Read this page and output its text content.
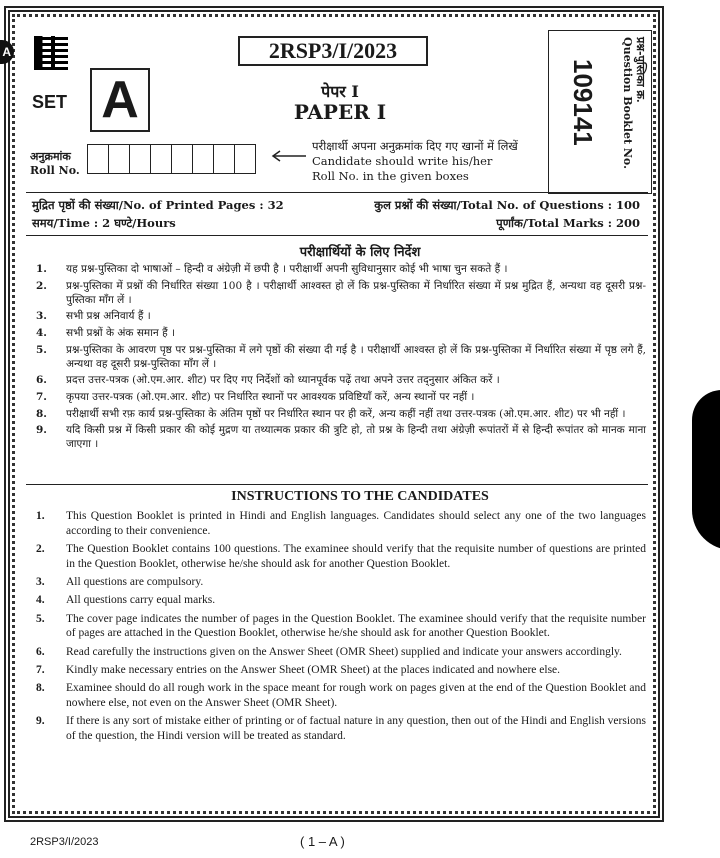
A	2RSP3/I/2023
SET A	पेपर I
PAPER I
प्रश्न-पुस्तिका क्र.
Question Booklet No.
109141
अनुक्रमांक
Roll No.
परीक्षार्थी अपना अनुक्रमांक दिए गए खानों में लिखें
Candidate should write his/her
Roll No. in the given boxes
मुद्रित पृष्ठों की संख्या/No. of Printed Pages : 32	कुल प्रश्नों की संख्या/Total No. of Questions : 100
समय/Time : 2 घण्टे/Hours	पूर्णांक/Total Marks : 200
परीक्षार्थियों के लिए निर्देश
1.	यह प्रश्न-पुस्तिका दो भाषाओं – हिन्दी व अंग्रेज़ी में छपी है । परीक्षार्थी अपनी सुविधानुसार कोई भी भाषा चुन सकते हैं ।
2.	प्रश्न-पुस्तिका में प्रश्नों की निर्धारित संख्या 100 है । परीक्षार्थी आश्वस्त हो लें कि प्रश्न-पुस्तिका में निर्धारित संख्या में प्रश्न मुद्रित हैं, अन्यथा वह दूसरी प्रश्न-पुस्तिका माँग लें ।
3.	सभी प्रश्न अनिवार्य हैं ।
4.	सभी प्रश्नों के अंक समान हैं ।
5.	प्रश्न-पुस्तिका के आवरण पृष्ठ पर प्रश्न-पुस्तिका में लगे पृष्ठों की संख्या दी गई है । परीक्षार्थी आश्वस्त हो लें कि प्रश्न-पुस्तिका में निर्धारित संख्या में पृष्ठ लगे हैं, अन्यथा वह दूसरी प्रश्न-पुस्तिका माँग लें ।
6.	प्रदत्त उत्तर-पत्रक (ओ.एम.आर. शीट) पर दिए गए निर्देशों को ध्यानपूर्वक पढ़ें तथा अपने उत्तर तद्नुसार अंकित करें ।
7.	कृपया उत्तर-पत्रक (ओ.एम.आर. शीट) पर निर्धारित स्थानों पर आवश्यक प्रविष्टियाँ करें, अन्य स्थानों पर नहीं ।
8.	परीक्षार्थी सभी रफ़ कार्य प्रश्न-पुस्तिका के अंतिम पृष्ठों पर निर्धारित स्थान पर ही करें, अन्य कहीं नहीं तथा उत्तर-पत्रक (ओ.एम.आर. शीट) पर भी नहीं ।
9.	यदि किसी प्रश्न में किसी प्रकार की कोई मुद्रण या तथ्यात्मक प्रकार की त्रुटि हो, तो प्रश्न के हिन्दी तथा अंग्रेज़ी रूपांतरों में से हिन्दी रूपांतर को मानक माना जाएगा ।
INSTRUCTIONS TO THE CANDIDATES
1.	This Question Booklet is printed in Hindi and English languages. Candidates should select any one of the two languages according to their convenience.
2.	The Question Booklet contains 100 questions. The examinee should verify that the requisite number of questions are printed in the Question Booklet, otherwise he/she should ask for another Question Booklet.
3.	All questions are compulsory.
4.	All questions carry equal marks.
5.	The cover page indicates the number of pages in the Question Booklet. The examinee should verify that the requisite number of pages are attached in the Question Booklet, otherwise he/she should ask for another Question Booklet.
6.	Read carefully the instructions given on the Answer Sheet (OMR Sheet) supplied and indicate your answers accordingly.
7.	Kindly make necessary entries on the Answer Sheet (OMR Sheet) at the places indicated and nowhere else.
8.	Examinee should do all rough work in the space meant for rough work on pages given at the end of the Question Booklet and nowhere else, not even on the Answer Sheet (OMR Sheet).
9.	If there is any sort of mistake either of printing or of factual nature in any question, then out of the Hindi and English versions of the question, the Hindi version will be treated as standard.
2RSP3/I/2023	( 1 – A )
